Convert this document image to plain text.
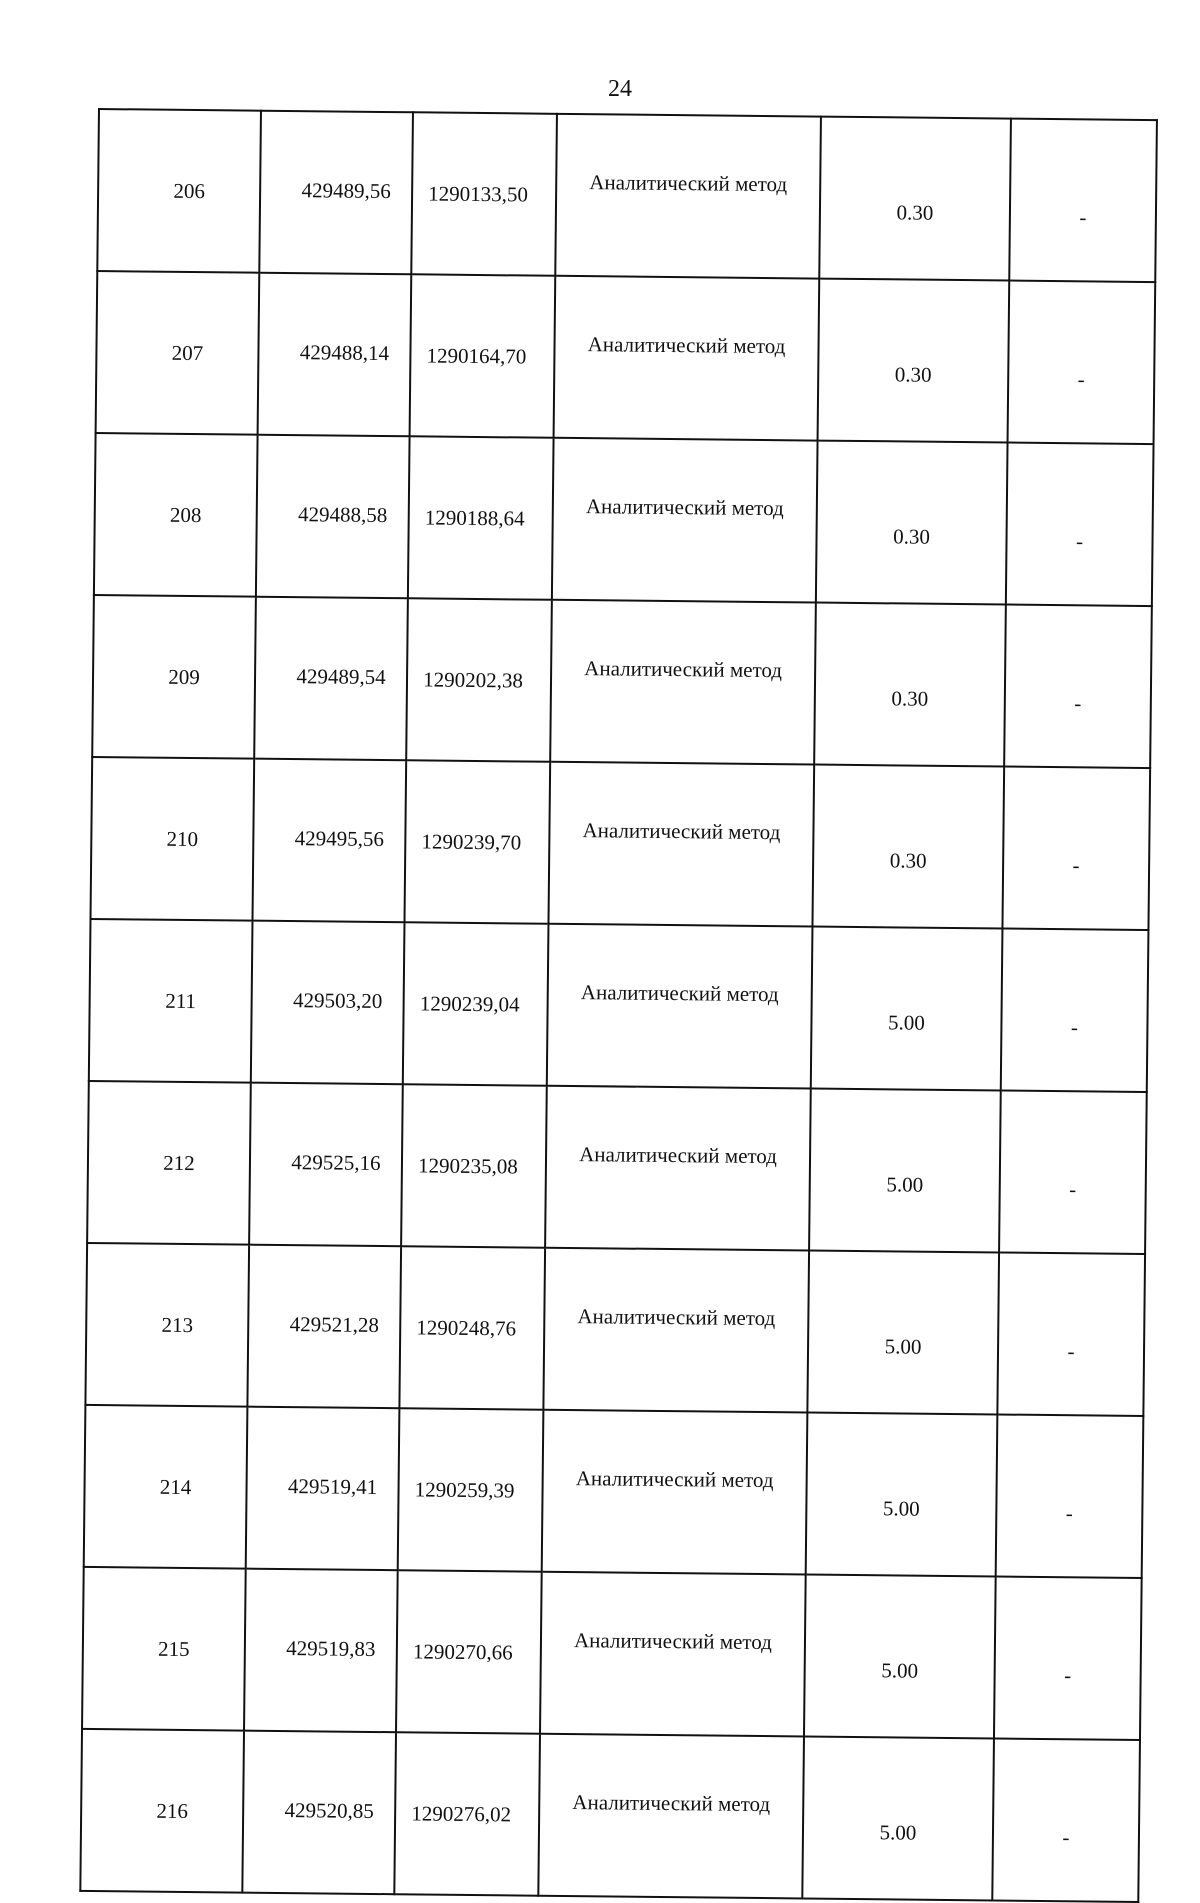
24
206	429489,56	1290133,50	Аналитический метод	0.30	-
207	429488,14	1290164,70	Аналитический метод	0.30	-
208	429488,58	1290188,64	Аналитический метод	0.30	-
209	429489,54	1290202,38	Аналитический метод	0.30	-
210	429495,56	1290239,70	Аналитический метод	0.30	-
211	429503,20	1290239,04	Аналитический метод	5.00	-
212	429525,16	1290235,08	Аналитический метод	5.00	-
213	429521,28	1290248,76	Аналитический метод	5.00	-
214	429519,41	1290259,39	Аналитический метод	5.00	-
215	429519,83	1290270,66	Аналитический метод	5.00	-
216	429520,85	1290276,02	Аналитический метод	5.00	-
